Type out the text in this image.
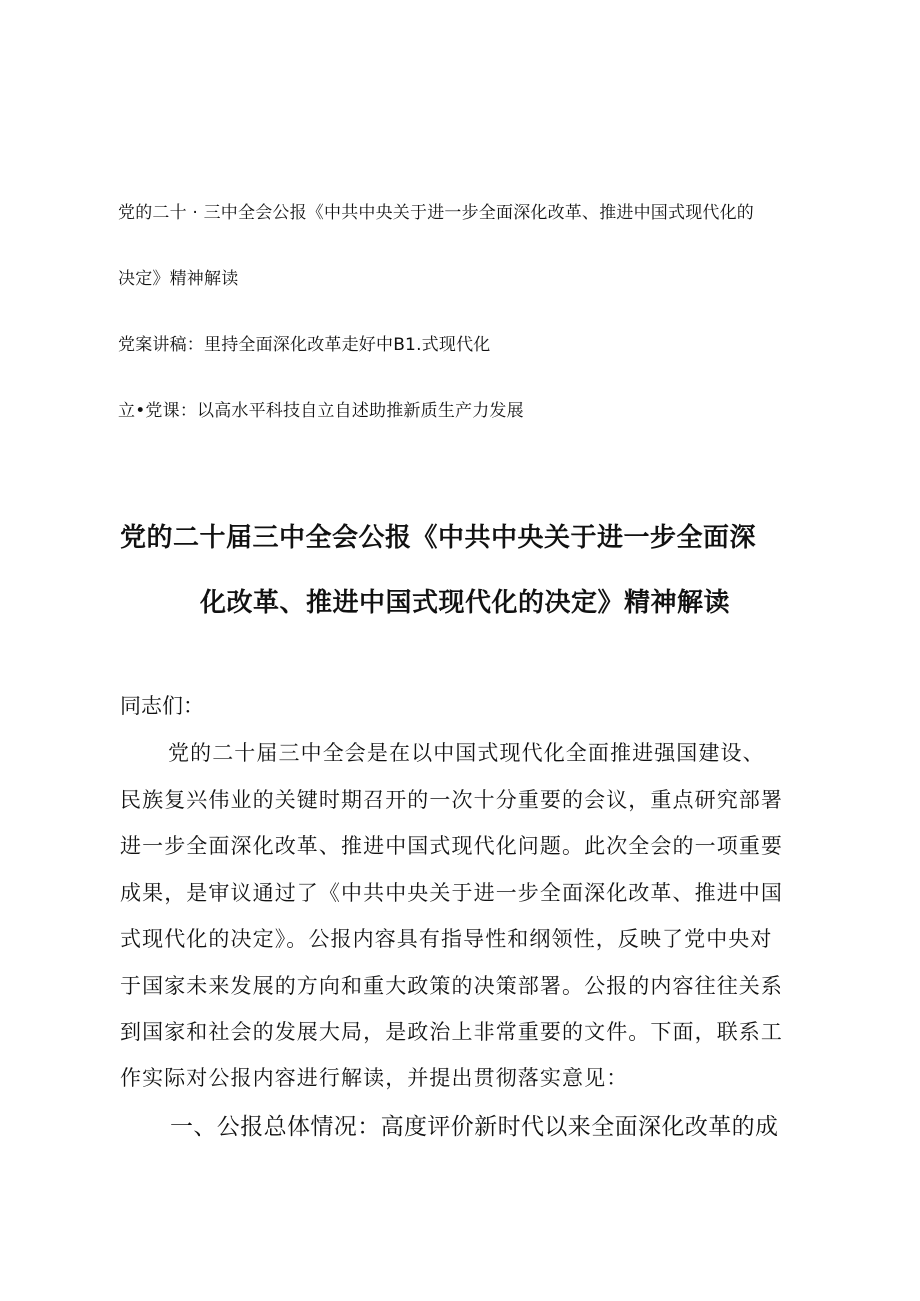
党的二十 · 三中全会公报《中共中央关于进一步全面深化改革、推进中国式现代化的
决定》精神解读
党案讲稿：里持全面深化改革走好中B1.式现代化
立•党课：以高水平科技自立自述助推新质生产力发展
党的二十届三中全会公报《中共中央关于进一步全面深
化改革、推进中国式现代化的决定》精神解读
同志们：
党的二十届三中全会是在以中国式现代化全面推进强国建设、
民族复兴伟业的关键时期召开的一次十分重要的会议，重点研究部署
进一步全面深化改革、推进中国式现代化问题。此次全会的一项重要
成果，是审议通过了《中共中央关于进一步全面深化改革、推进中国
式现代化的决定》。公报内容具有指导性和纲领性，反映了党中央对
于国家未来发展的方向和重大政策的决策部署。公报的内容往往关系
到国家和社会的发展大局，是政治上非常重要的文件。下面，联系工
作实际对公报内容进行解读，并提出贯彻落实意见：
一、公报总体情况：高度评价新时代以来全面深化改革的成
